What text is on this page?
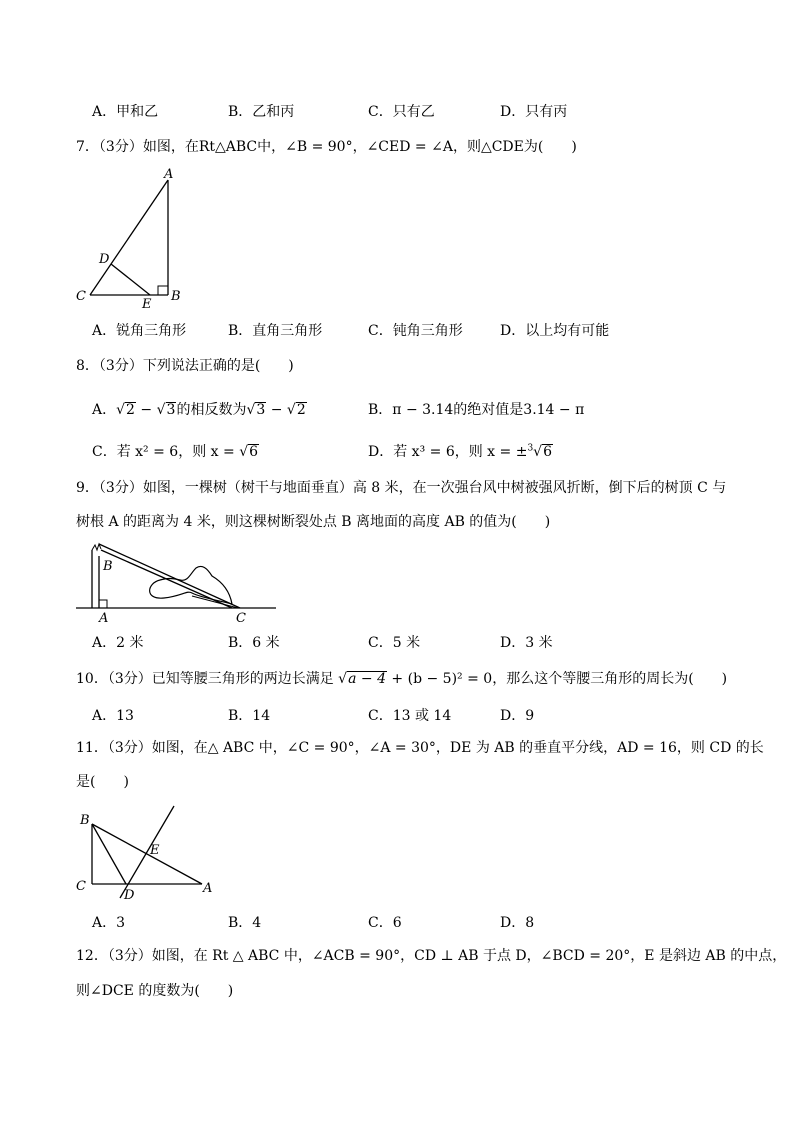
A．甲和乙	B．乙和丙	C．只有乙	D．只有丙
7．（3分）如图，在Rt△ABC中，∠B = 90°，∠CED = ∠A，则△CDE为(　　)
A
D
C
E
B
A．锐角三角形	B．直角三角形	C．钝角三角形	D．以上均有可能
8．（3分）下列说法正确的是(　　)
A．√2 − √3的相反数为√3 − √2	B．π − 3.14的绝对值是3.14 − π
C．若 x² = 6，则 x = √6	D．若 x³ = 6，则 x = ±$^3$√6
9．（3分）如图，一棵树（树干与地面垂直）高 8 米，在一次强台风中树被强风折断，倒下后的树顶 C 与
树根 A 的距离为 4 米，则这棵树断裂处点 B 离地面的高度 AB 的值为(　　)
B
A	C
A．2 米	B．6 米	C．5 米	D．3 米
10．（3分）已知等腰三角形的两边长满足 √a − 4 + (b − 5)² = 0，那么这个等腰三角形的周长为(　　)
A．13	B．14	C．13 或 14	D．9
11．（3分）如图，在△ ABC 中，∠C = 90°，∠A = 30°，DE 为 AB 的垂直平分线，AD = 16，则 CD 的长
是(　　)
B
E
C
D	A
A．3	B．4	C．6	D．8
12．（3分）如图，在 Rt △ ABC 中，∠ACB = 90°，CD ⊥ AB 于点 D，∠BCD = 20°，E 是斜边 AB 的中点，
则∠DCE 的度数为(　　)
